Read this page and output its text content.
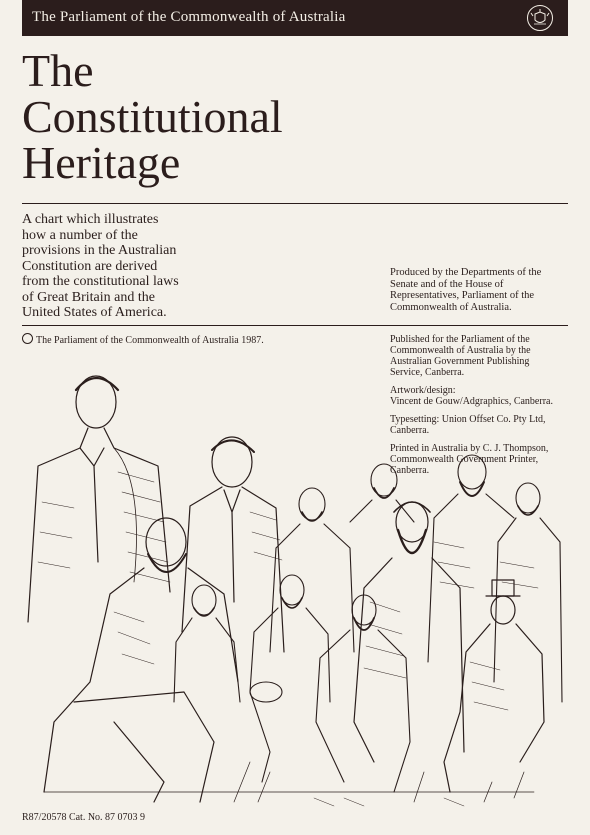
The Parliament of the Commonwealth of Australia
The
Constitutional
Heritage
A chart which illustrates
how a number of the
provisions in the Australian
Constitution are derived
from the constitutional laws
of Great Britain and the
United States of America.
Produced by the Departments of the
Senate and of the House of
Representatives, Parliament of the
Commonwealth of Australia.
The Parliament of the Commonwealth of Australia 1987.	Published for the Parliament of the
Commonwealth of Australia by the
Australian Government Publishing
Service, Canberra.

Artwork/design:
Vincent de Gouw/Adgraphics, Canberra.

Typesetting: Union Offset Co. Pty Ltd,
Canberra.

Printed in Australia by C. J. Thompson,
Commonwealth Government Printer,
Canberra.

R87/20578 Cat. No. 87 0703 9
